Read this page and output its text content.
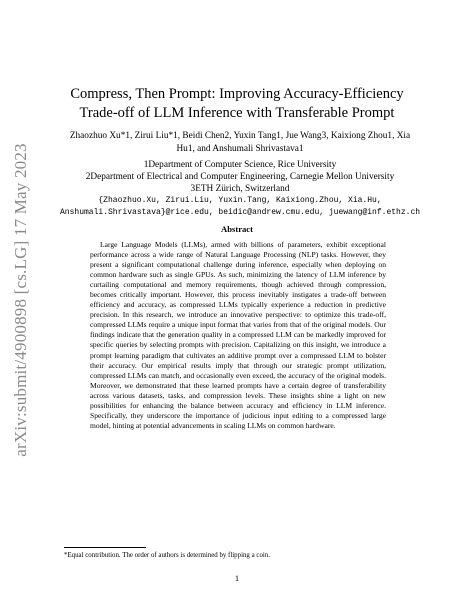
arXiv:submit/4900898 [cs.LG] 17 May 2023
Compress, Then Prompt: Improving Accuracy-Efficiency
Trade-off of LLM Inference with Transferable Prompt
Zhaozhuo Xu*1, Zirui Liu*1, Beidi Chen2, Yuxin Tang1, Jue Wang3, Kaixiong Zhou1, Xia
Hu1, and Anshumali Shrivastava1
1Department of Computer Science, Rice University
2Department of Electrical and Computer Engineering, Carnegie Mellon University
3ETH Zürich, Switzerland
{Zhaozhuo.Xu, Zirui.Liu, Yuxin.Tang, Kaixiong.Zhou, Xia.Hu,
Anshumali.Shrivastava}@rice.edu, beidic@andrew.cmu.edu, juewang@inf.ethz.ch
Abstract

Large Language Models (LLMs), armed with billions of parameters, exhibit exceptional performance across a wide range of Natural Language Processing (NLP) tasks. However, they present a significant computational challenge during inference, especially when deploying on common hardware such as single GPUs. As such, minimizing the latency of LLM inference by curtailing computational and memory requirements, though achieved through compression, becomes critically important. However, this process inevitably instigates a trade-off between efficiency and accuracy, as compressed LLMs typically experience a reduction in predictive precision. In this research, we introduce an innovative perspective: to optimize this trade-off, compressed LLMs require a unique input format that varies from that of the original models. Our findings indicate that the generation quality in a compressed LLM can be markedly improved for specific queries by selecting prompts with precision. Capitalizing on this insight, we introduce a prompt learning paradigm that cultivates an additive prompt over a compressed LLM to bolster their accuracy. Our empirical results imply that through our strategic prompt utilization, compressed LLMs can match, and occasionally even exceed, the accuracy of the original models. Moreover, we demonstrated that these learned prompts have a certain degree of transferability across various datasets, tasks, and compression levels. These insights shine a light on new possibilities for enhancing the balance between accuracy and efficiency in LLM inference. Specifically, they underscore the importance of judicious input editing to a compressed large model, hinting at potential advancements in scaling LLMs on common hardware.

*Equal contribution. The order of authors is determined by flipping a coin.
1
